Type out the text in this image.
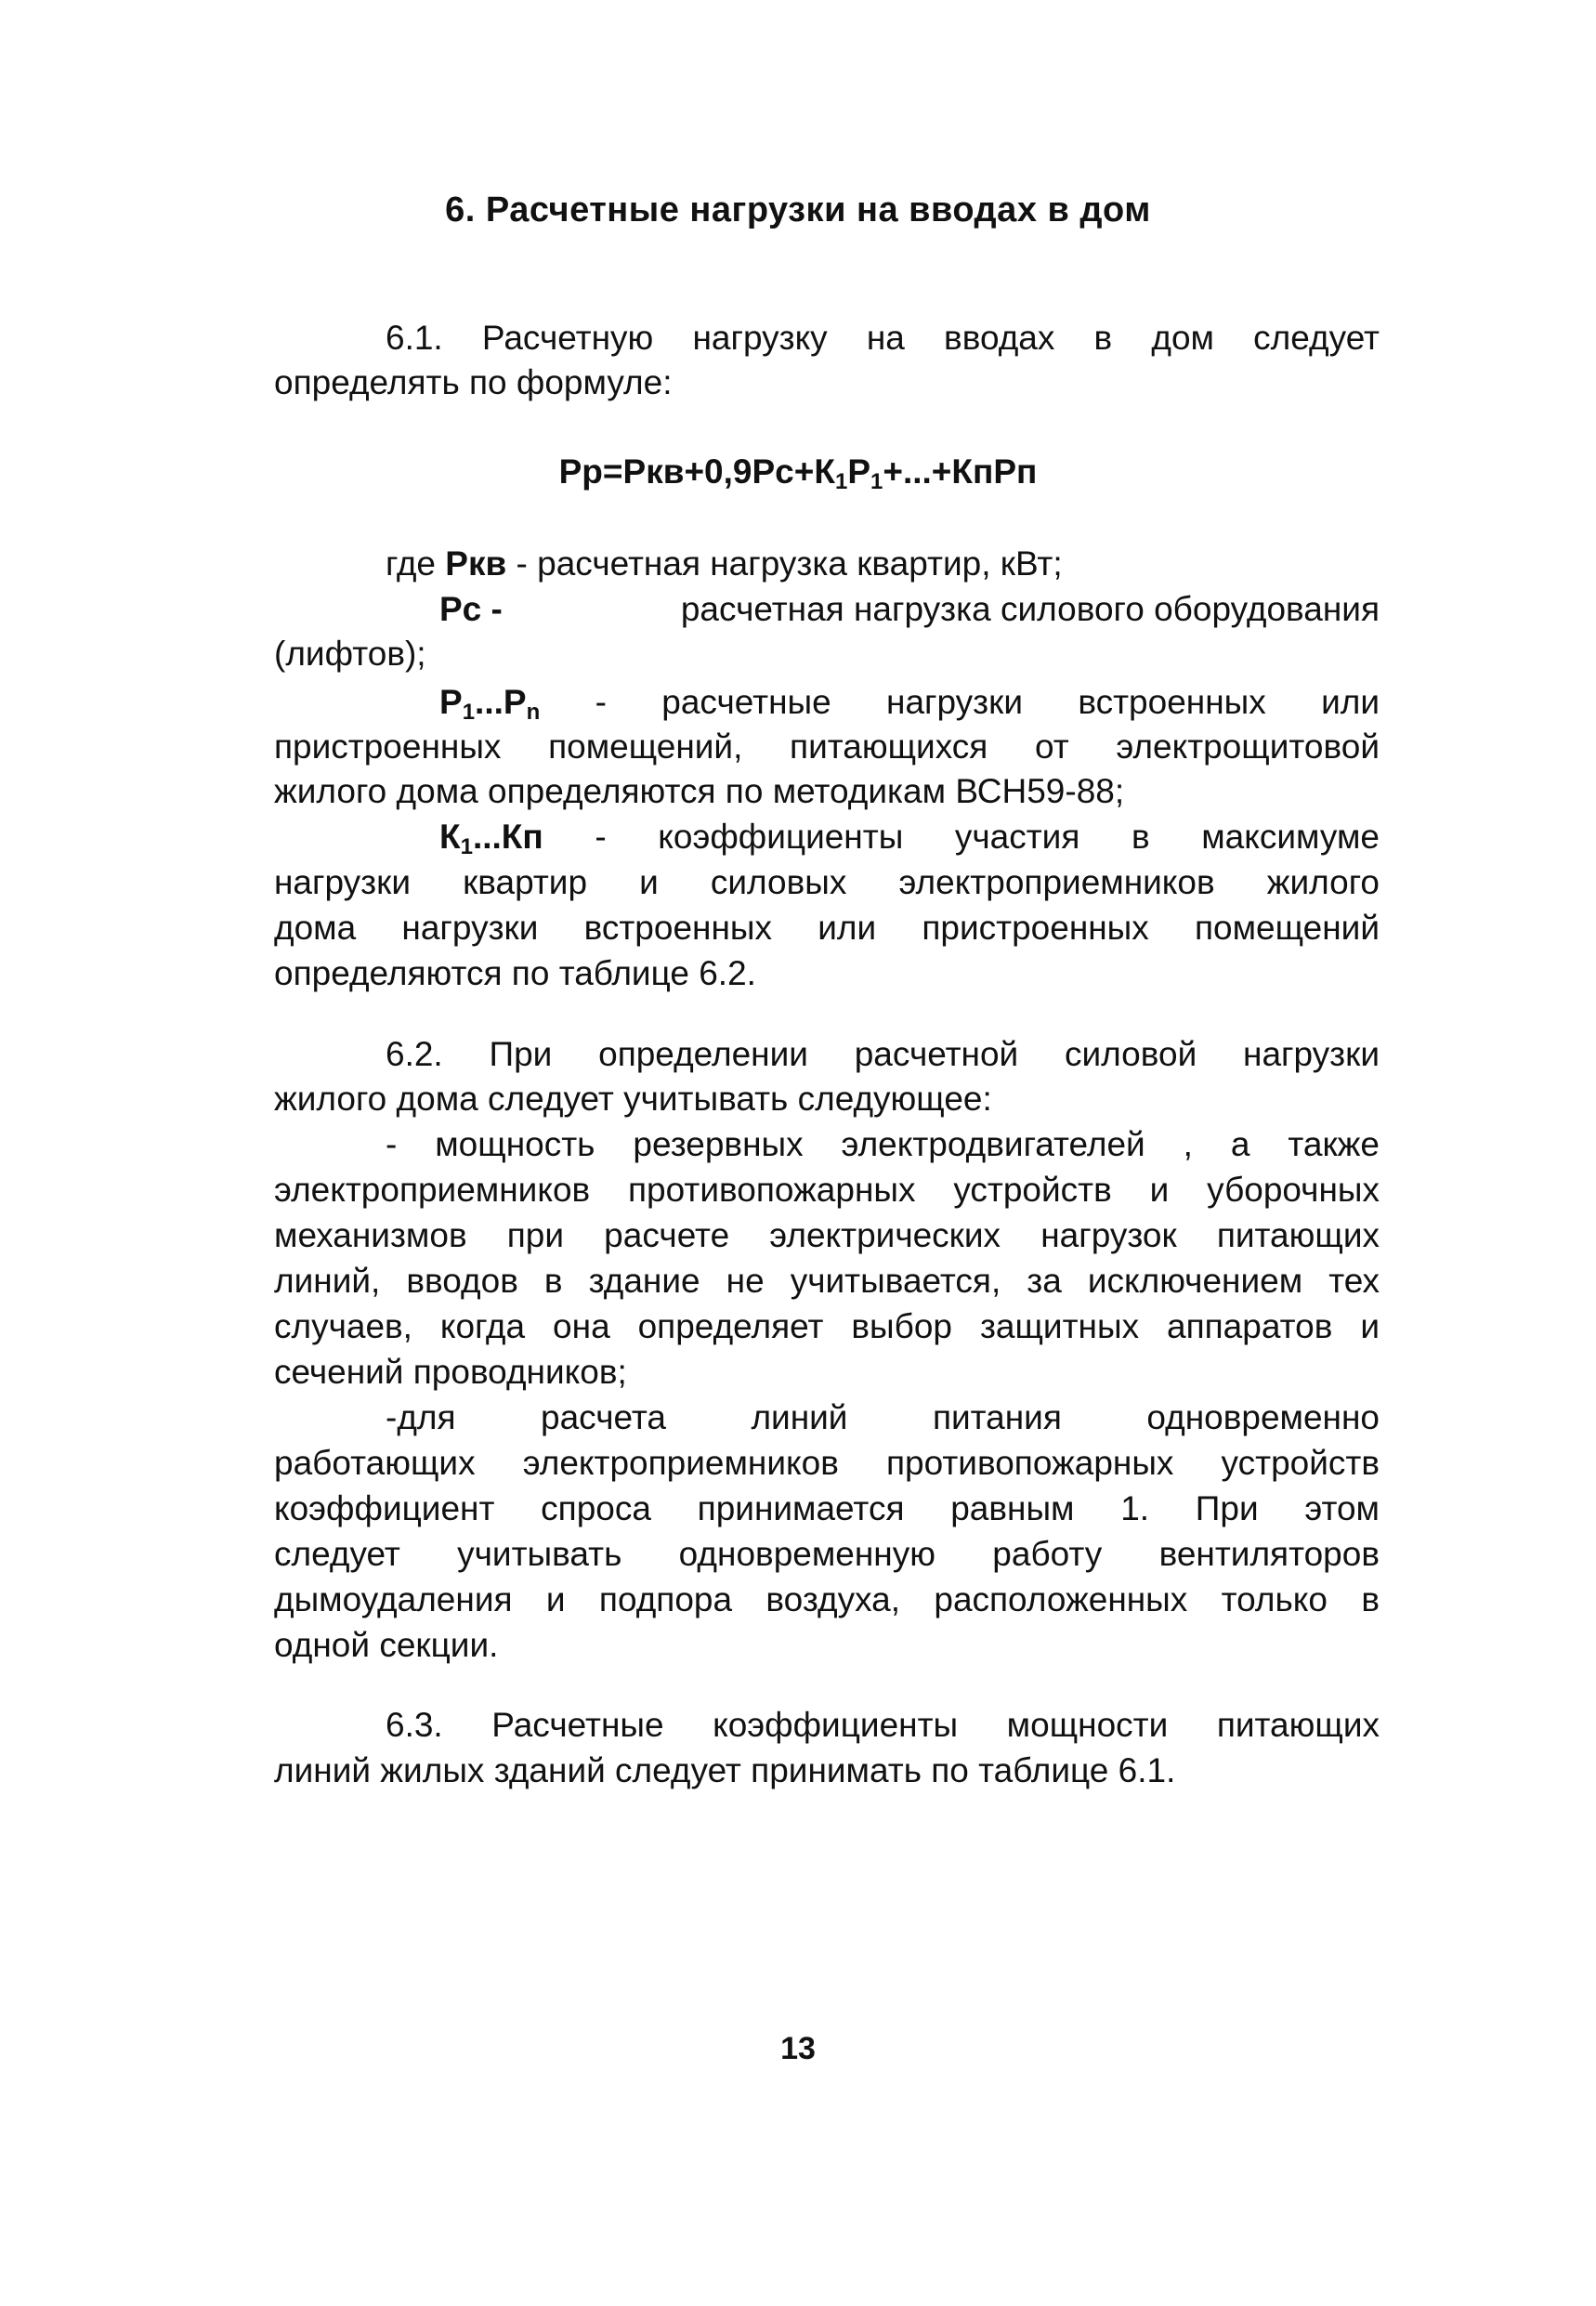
6. Расчетные нагрузки на вводах в дом
6.1. Расчетную нагрузку на вводах в дом следует
определять по формуле:
$Рр=Ркв+0,9Рс+К_1Р_1+...+КпРп$
где Ркв - расчетная нагрузка квартир, кВт;
Рс -	расчетная нагрузка силового оборудования
(лифтов);
$Р_1...Р_n$ - расчетные нагрузки встроенных или
пристроенных помещений, питающихся от электрощитовой
жилого дома определяются по методикам ВСН59-88;
$К_1...Кп$ - коэффициенты участия в максимуме
нагрузки квартир и силовых электроприемников жилого
дома нагрузки встроенных или пристроенных помещений
определяются по таблице 6.2.
6.2. При определении расчетной силовой нагрузки
жилого дома следует учитывать следующее:
- мощность резервных электродвигателей , а также
электроприемников противопожарных устройств и уборочных
механизмов при расчете электрических нагрузок питающих
линий, вводов в здание не учитывается, за исключением тех
случаев, когда она определяет выбор защитных аппаратов и
сечений проводников;
-для расчета линий питания одновременно
работающих электроприемников противопожарных устройств
коэффициент спроса принимается равным 1. При этом
следует учитывать одновременную работу вентиляторов
дымоудаления и подпора воздуха, расположенных только в
одной секции.
6.3. Расчетные коэффициенты мощности питающих
линий жилых зданий следует принимать по таблице 6.1.
13
